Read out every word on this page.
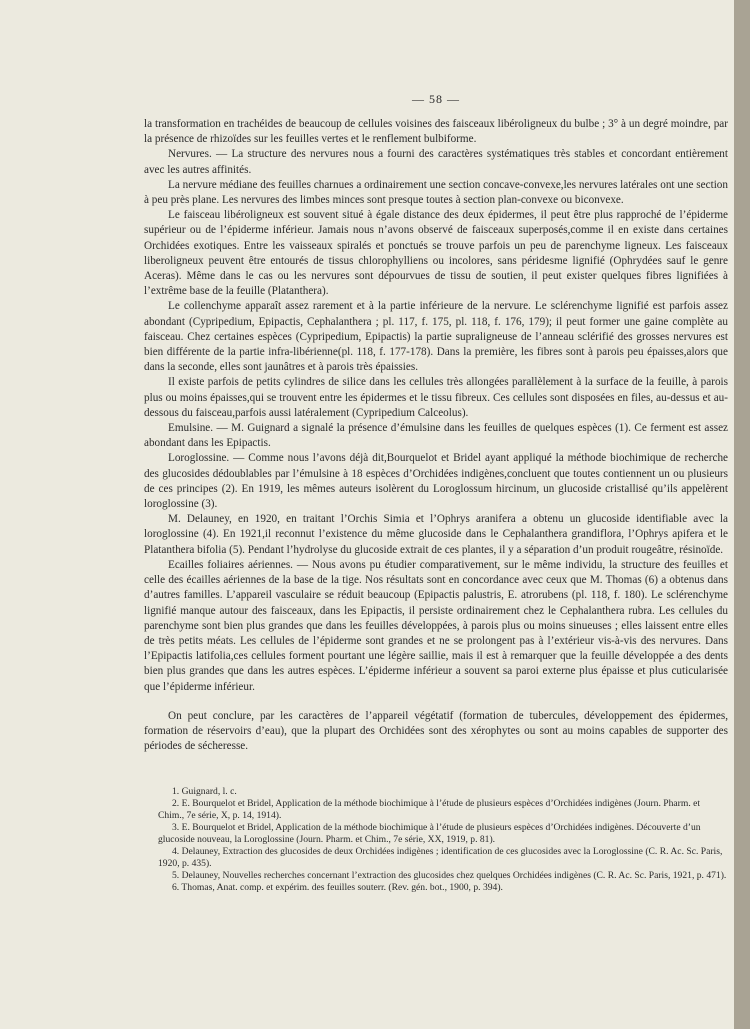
— 58 —

la transformation en trachéides de beaucoup de cellules voisines des faisceaux libéroligneux du bulbe ; 3° à un degré moindre, par la présence de rhizoïdes sur les feuilles vertes et le renflement bulbiforme.

Nervures. — La structure des nervures nous a fourni des caractères systématiques très stables et concordant entièrement avec les autres affinités.

La nervure médiane des feuilles charnues a ordinairement une section concave-convexe,les nervures latérales ont une section à peu près plane. Les nervures des limbes minces sont presque toutes à section plan-convexe ou biconvexe.

Le faisceau libéroligneux est souvent situé à égale distance des deux épidermes, il peut être plus rapproché de l’épiderme supérieur ou de l’épiderme inférieur. Jamais nous n’avons observé de faisceaux superposés,comme il en existe dans certaines Orchidées exotiques. Entre les vaisseaux spiralés et ponctués se trouve parfois un peu de parenchyme ligneux. Les faisceaux liberoligneux peuvent être entourés de tissus chlorophylliens ou incolores, sans péridesme lignifié (Ophrydées sauf le genre Aceras). Même dans le cas ou les nervures sont dépourvues de tissu de soutien, il peut exister quelques fibres lignifiées à l’extrême base de la feuille (Platanthera).

Le collenchyme apparaît assez rarement et à la partie inférieure de la nervure. Le sclérenchyme lignifié est parfois assez abondant (Cypripedium, Epipactis, Cephalanthera ; pl. 117, f. 175, pl. 118, f. 176, 179); il peut former une gaine complète au faisceau. Chez certaines espèces (Cypripedium, Epipactis) la partie supraligneuse de l’anneau sclérifié des grosses nervures est bien différente de la partie infra-libérienne(pl. 118, f. 177-178). Dans la première, les fibres sont à parois peu épaisses,alors que dans la seconde, elles sont jaunâtres et à parois très épaissies.

Il existe parfois de petits cylindres de silice dans les cellules très allongées parallèlement à la surface de la feuille, à parois plus ou moins épaisses,qui se trouvent entre les épidermes et le tissu fibreux. Ces cellules sont disposées en files, au-dessus et au-dessous du faisceau,parfois aussi latéralement (Cypripedium Calceolus).

Emulsine. — M. Guignard a signalé la présence d’émulsine dans les feuilles de quelques espèces (1). Ce ferment est assez abondant dans les Epipactis.

Loroglossine. — Comme nous l’avons déjà dit,Bourquelot et Bridel ayant appliqué la méthode biochimique de recherche des glucosides dédoublables par l’émulsine à 18 espèces d’Orchidées indigènes,concluent que toutes contiennent un ou plusieurs de ces principes (2). En 1919, les mêmes auteurs isolèrent du Loroglossum hircinum, un glucoside cristallisé qu’ils appelèrent loroglossine (3).

M. Delauney, en 1920, en traitant l’Orchis Simia et l’Ophrys aranifera a obtenu un glucoside identifiable avec la loroglossine (4). En 1921,il reconnut l’existence du même glucoside dans le Cephalanthera grandiflora, l’Ophrys apifera et le Platanthera bifolia (5). Pendant l’hydrolyse du glucoside extrait de ces plantes, il y a séparation d’un produit rougeâtre, résinoïde.

Ecailles foliaires aériennes. — Nous avons pu étudier comparativement, sur le même individu, la structure des feuilles et celle des écailles aériennes de la base de la tige. Nos résultats sont en concordance avec ceux que M. Thomas (6) a obtenus dans d’autres familles. L’appareil vasculaire se réduit beaucoup (Epipactis palustris, E. atrorubens (pl. 118, f. 180). Le sclérenchyme lignifié manque autour des faisceaux, dans les Epipactis, il persiste ordinairement chez le Cephalanthera rubra. Les cellules du parenchyme sont bien plus grandes que dans les feuilles développées, à parois plus ou moins sinueuses ; elles laissent entre elles de très petits méats. Les cellules de l’épiderme sont grandes et ne se prolongent pas à l’extérieur vis-à-vis des nervures. Dans l’Epipactis latifolia,ces cellules forment pourtant une légère saillie, mais il est à remarquer que la feuille développée a des dents bien plus grandes que dans les autres espèces. L’épiderme inférieur a souvent sa paroi externe plus épaisse et plus cuticularisée que l’épiderme inférieur.

On peut conclure, par les caractères de l’appareil végétatif (formation de tubercules, développement des épidermes, formation de réservoirs d’eau), que la plupart des Orchidées sont des xérophytes ou sont au moins capables de supporter des périodes de sécheresse.

1. Guignard, l. c.

2. E. Bourquelot et Bridel, Application de la méthode biochimique à l’étude de plusieurs espèces d’Orchidées indigènes (Journ. Pharm. et Chim., 7e série, X, p. 14, 1914).

3. E. Bourquelot et Bridel, Application de la méthode biochimique à l’étude de plusieurs espèces d’Orchidées indigènes. Découverte d’un glucoside nouveau, la Loroglossine (Journ. Pharm. et Chim., 7e série, XX, 1919, p. 81).

4. Delauney, Extraction des glucosides de deux Orchidées indigènes ; identification de ces glucosides avec la Loroglossine (C. R. Ac. Sc. Paris, 1920, p. 435).

5. Delauney, Nouvelles recherches concernant l’extraction des glucosides chez quelques Orchidées indigènes (C. R. Ac. Sc. Paris, 1921, p. 471).

6. Thomas, Anat. comp. et expérim. des feuilles souterr. (Rev. gén. bot., 1900, p. 394).
